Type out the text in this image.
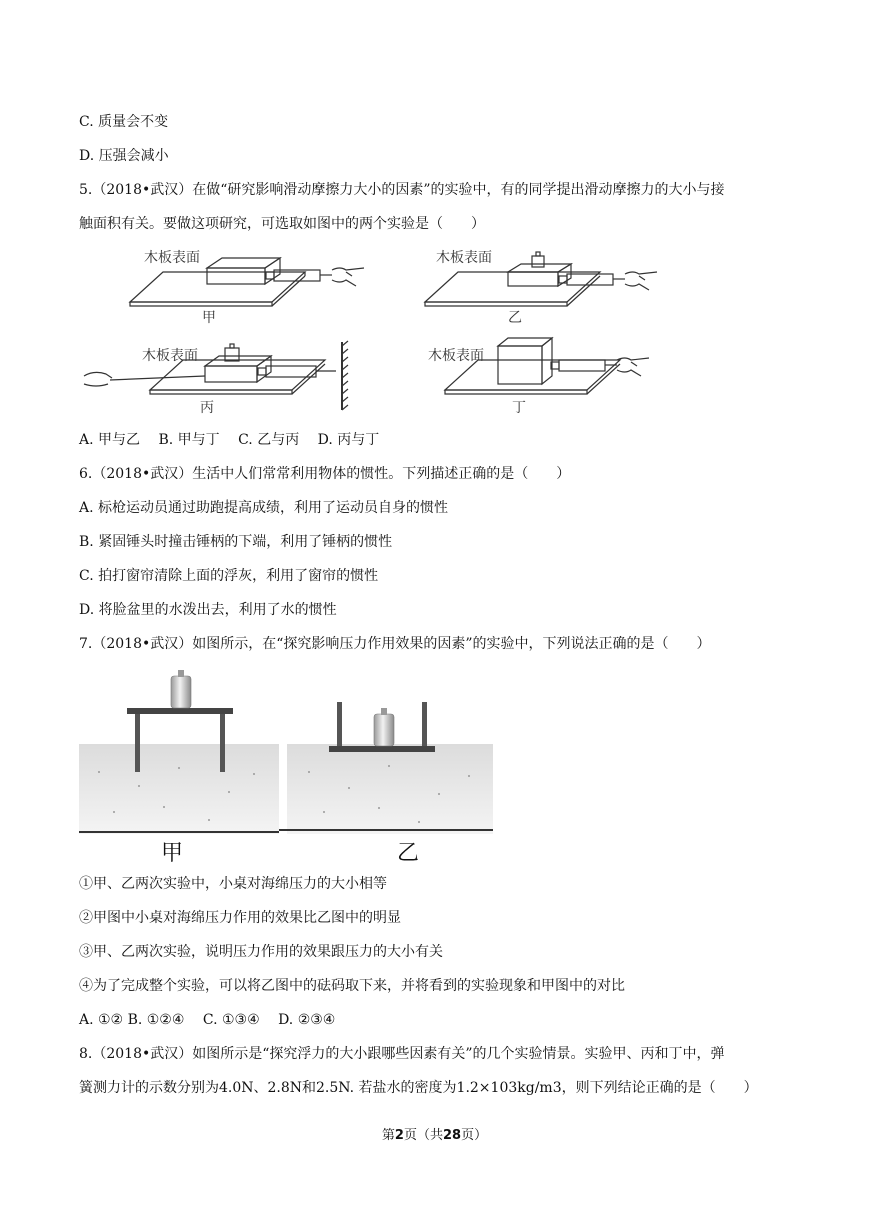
C. 质量会不变
D. 压强会减小
5.（2018•武汉）在做“研究影响滑动摩擦力大小的因素”的实验中，有的同学提出滑动摩擦力的大小与接
触面积有关。要做这项研究，可选取如图中的两个实验是（　　）
木板表面	木板表面
木板表面	木板表面
甲	乙
丙	丁
A. 甲与乙　 B. 甲与丁　 C. 乙与丙　 D. 丙与丁
6.（2018•武汉）生活中人们常常利用物体的惯性。下列描述正确的是（　　）
A. 标枪运动员通过助跑提高成绩，利用了运动员自身的惯性
B. 紧固锤头时撞击锤柄的下端，利用了锤柄的惯性
C. 拍打窗帘清除上面的浮灰，利用了窗帘的惯性
D. 将脸盆里的水泼出去，利用了水的惯性
7.（2018•武汉）如图所示，在“探究影响压力作用效果的因素”的实验中，下列说法正确的是（　　）
甲	乙
①甲、乙两次实验中，小桌对海绵压力的大小相等
②甲图中小桌对海绵压力作用的效果比乙图中的明显
③甲、乙两次实验，说明压力作用的效果跟压力的大小有关
④为了完成整个实验，可以将乙图中的砝码取下来，并将看到的实验现象和甲图中的对比
A. ①② B. ①②④　 C. ①③④　 D. ②③④
8.（2018•武汉）如图所示是“探究浮力的大小跟哪些因素有关”的几个实验情景。实验甲、丙和丁中，弹
簧测力计的示数分别为4.0N、2.8N和2.5N. 若盐水的密度为1.2×103kg/m3，则下列结论正确的是（　　）
第2页（共28页）
